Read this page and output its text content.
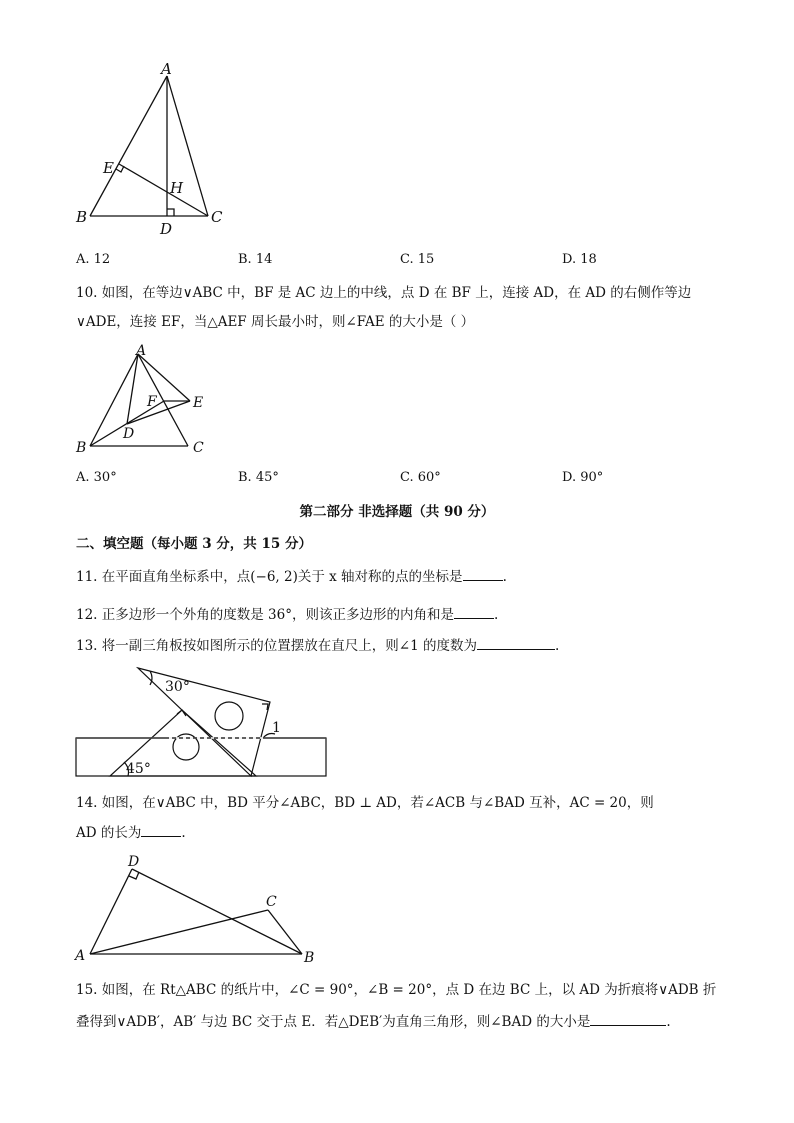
A
E
H
B
D
C
A. 12	B. 14	C. 15	D. 18
10. 如图，在等边∨ABC 中，BF 是 AC 边上的中线，点 D 在 BF 上，连接 AD，在 AD 的右侧作等边
∨ADE，连接 EF，当△AEF 周长最小时，则∠FAE 的大小是（ ）
A
F	E
D
B	C
A. 30°	B. 45°	C. 60°	D. 90°
第二部分 非选择题（共 90 分）
二、填空题（每小题 3 分，共 15 分）
11. 在平面直角坐标系中，点(−6, 2)关于 x 轴对称的点的坐标是	.
12. 正多边形一个外角的度数是 36°，则该正多边形的内角和是	.
13. 将一副三角板按如图所示的位置摆放在直尺上，则∠1 的度数为	.
30°
45°
1
14. 如图，在∨ABC 中，BD 平分∠ABC，BD ⊥ AD，若∠ACB 与∠BAD 互补，AC = 20，则
AD 的长为	.
D
C
A	B
15. 如图，在 Rt△ABC 的纸片中，∠C = 90°，∠B = 20°，点 D 在边 BC 上，以 AD 为折痕将∨ADB 折
叠得到∨ADB′，AB′ 与边 BC 交于点 E．若△DEB′为直角三角形，则∠BAD 的大小是	.
